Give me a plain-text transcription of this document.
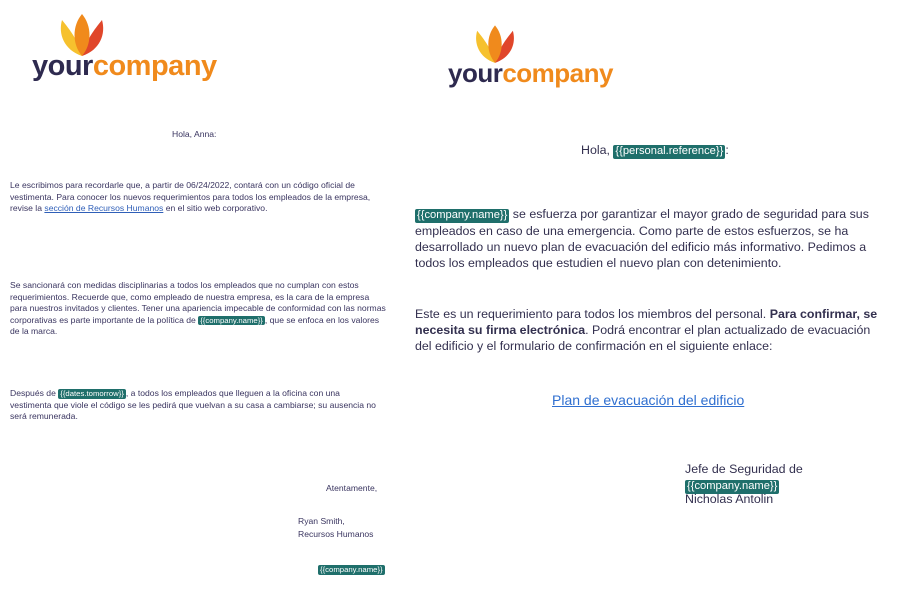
yourcompany
Hola, Anna:

Le escribimos para recordarle que, a partir de 06/24/2022, contará con un código oficial de vestimenta. Para conocer los nuevos requerimientos para todos los empleados de la empresa, revise la sección de Recursos Humanos en el sitio web corporativo.

Se sancionará con medidas disciplinarias a todos los empleados que no cumplan con estos requerimientos. Recuerde que, como empleado de nuestra empresa, es la cara de la empresa para nuestros invitados y clientes. Tener una apariencia impecable de conformidad con las normas corporativas es parte importante de la política de {{company.name}} , que se enfoca en los valores de la marca.

Después de {{dates.tomorrow}} , a todos los empleados que lleguen a la oficina con una vestimenta que viole el código se les pedirá que vuelvan a su casa a cambiarse; su ausencia no será remunerada.

Atentamente,
Ryan Smith,
Recursos Humanos
{{company.name}}
yourcompany
Hola, {{personal.reference}} :

{{company.name}} se esfuerza por garantizar el mayor grado de seguridad para sus empleados en caso de una emergencia. Como parte de estos esfuerzos, se ha desarrollado un nuevo plan de evacuación del edificio más informativo. Pedimos a todos los empleados que estudien el nuevo plan con detenimiento.

Este es un requerimiento para todos los miembros del personal. Para confirmar, se necesita su firma electrónica. Podrá encontrar el plan actualizado de evacuación del edificio y el formulario de confirmación en el siguiente enlace:

Plan de evacuación del edificio
Jefe de Seguridad de {{company.name}}
Nicholas Antolin
